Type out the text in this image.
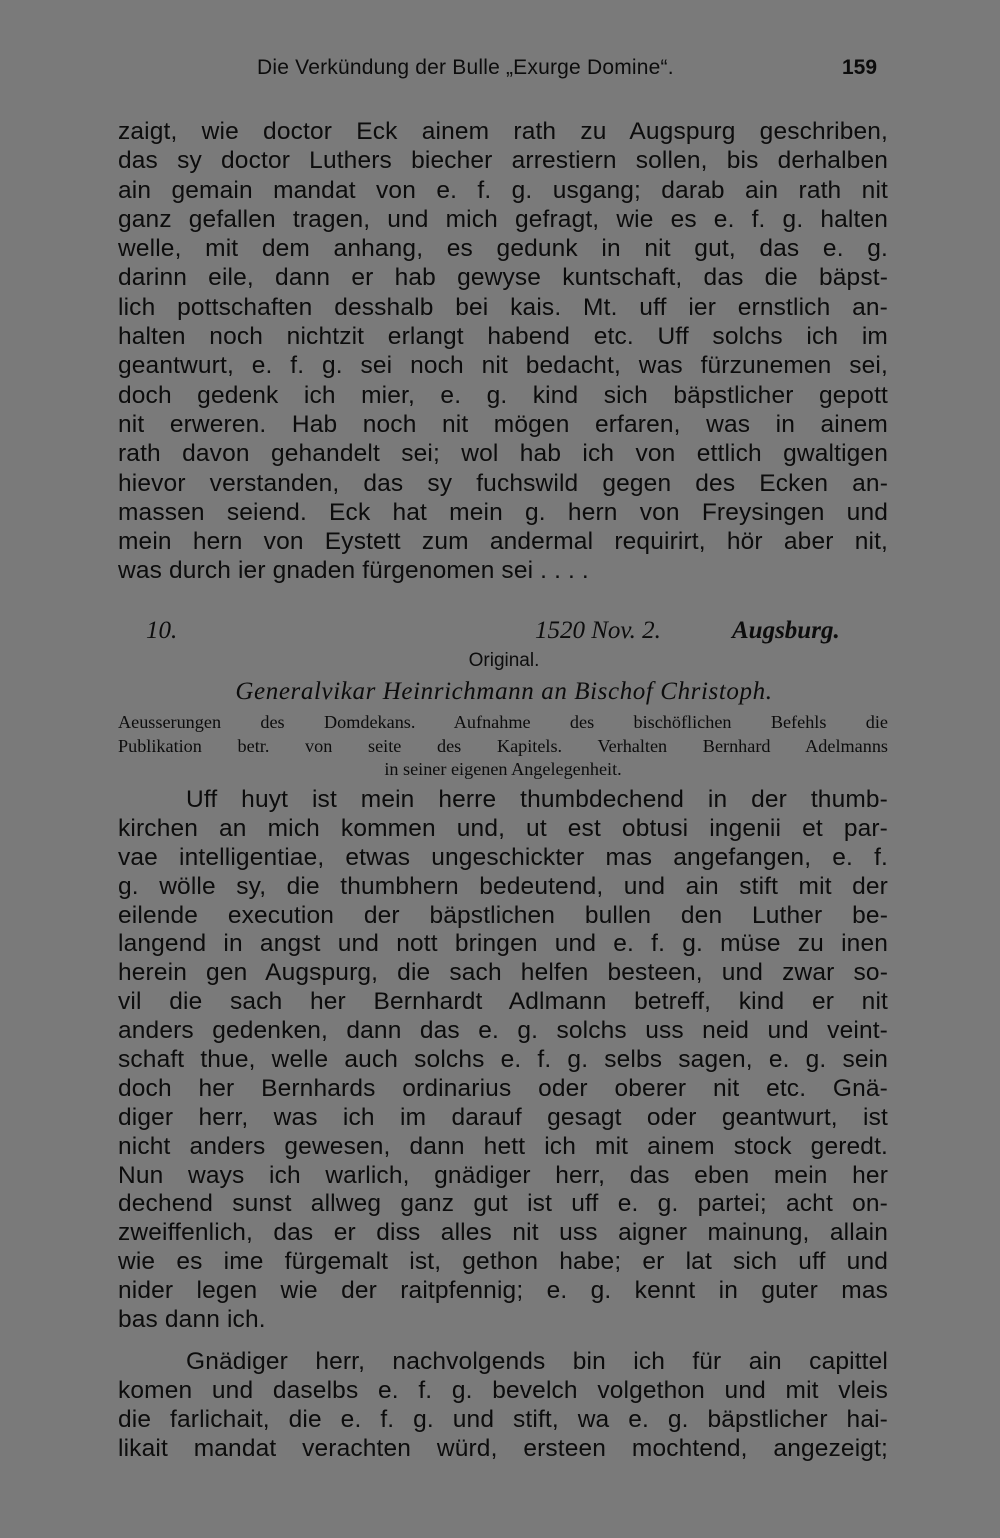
Die Verkündung der Bulle „Exurge Domine“.	159
zaigt, wie doctor Eck ainem rath zu Augspurg geschriben,
das sy doctor Luthers biecher arrestiern sollen, bis derhalben
ain gemain mandat von e. f. g. usgang; darab ain rath nit
ganz gefallen tragen, und mich gefragt, wie es e. f. g. halten
welle, mit dem anhang, es gedunk in nit gut, das e. g.
darinn eile, dann er hab gewyse kuntschaft, das die bäpst-
lich pottschaften desshalb bei kais. Mt. uff ier ernstlich an-
halten noch nichtzit erlangt habend etc. Uff solchs ich im
geantwurt, e. f. g. sei noch nit bedacht, was fürzunemen sei,
doch gedenk ich mier, e. g. kind sich bäpstlicher gepott
nit erweren. Hab noch nit mögen erfaren, was in ainem
rath davon gehandelt sei; wol hab ich von ettlich gwaltigen
hievor verstanden, das sy fuchswild gegen des Ecken an-
massen seiend. Eck hat mein g. hern von Freysingen und
mein hern von Eystett zum andermal requirirt, hör aber nit,
was durch ier gnaden fürgenomen sei . . . .
10.	1520 Nov. 2.	Augsburg.
Original.
Generalvikar Heinrichmann an Bischof Christoph.
Aeusserungen des Domdekans. Aufnahme des bischöflichen Befehls die
Publikation betr. von seite des Kapitels. Verhalten Bernhard Adelmanns
in seiner eigenen Angelegenheit.
Uff huyt ist mein herre thumbdechend in der thumb-
kirchen an mich kommen und, ut est obtusi ingenii et par-
vae intelligentiae, etwas ungeschickter mas angefangen, e. f.
g. wölle sy, die thumbhern bedeutend, und ain stift mit der
eilende execution der bäpstlichen bullen den Luther be-
langend in angst und nott bringen und e. f. g. müse zu inen
herein gen Augspurg, die sach helfen besteen, und zwar so-
vil die sach her Bernhardt Adlmann betreff, kind er nit
anders gedenken, dann das e. g. solchs uss neid und veint-
schaft thue, welle auch solchs e. f. g. selbs sagen, e. g. sein
doch her Bernhards ordinarius oder oberer nit etc. Gnä-
diger herr, was ich im darauf gesagt oder geantwurt, ist
nicht anders gewesen, dann hett ich mit ainem stock geredt.
Nun ways ich warlich, gnädiger herr, das eben mein her
dechend sunst allweg ganz gut ist uff e. g. partei; acht on-
zweiffenlich, das er diss alles nit uss aigner mainung, allain
wie es ime fürgemalt ist, gethon habe; er lat sich uff und
nider legen wie der raitpfennig; e. g. kennt in guter mas
bas dann ich.
Gnädiger herr, nachvolgends bin ich für ain capittel
komen und daselbs e. f. g. bevelch volgethon und mit vleis
die farlichait, die e. f. g. und stift, wa e. g. bäpstlicher hai-
likait mandat verachten würd, ersteen mochtend, angezeigt;
